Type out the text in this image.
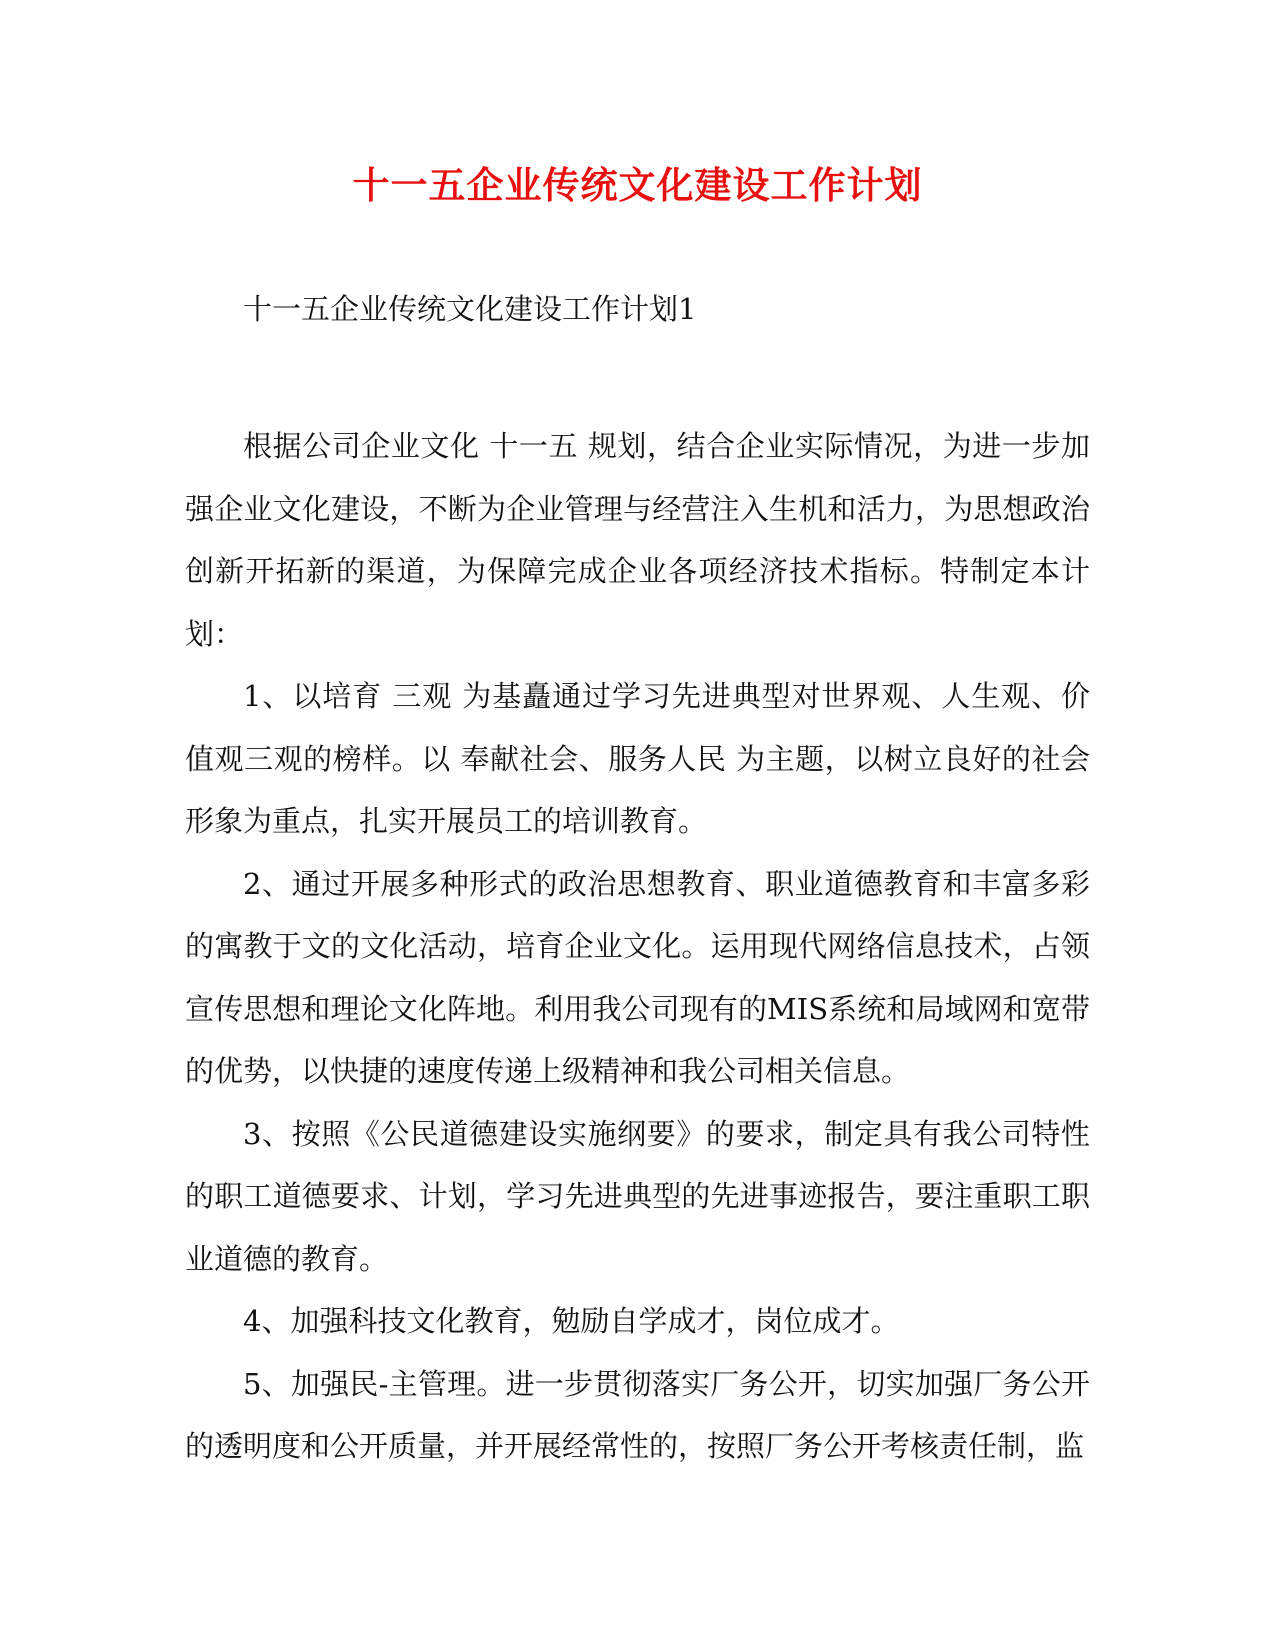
十一五企业传统文化建设工作计划

十一五企业传统文化建设工作计划1

根据公司企业文化 十一五 规划，结合企业实际情况，为进一步加强企业文化建设，不断为企业管理与经营注入生机和活力，为思想政治创新开拓新的渠道，为保障完成企业各项经济技术指标。特制定本计划：

1、以培育 三观 为基矗通过学习先进典型对世界观、人生观、价值观三观的榜样。以 奉献社会、服务人民 为主题，以树立良好的社会形象为重点，扎实开展员工的培训教育。

2、通过开展多种形式的政治思想教育、职业道德教育和丰富多彩的寓教于文的文化活动，培育企业文化。运用现代网络信息技术，占领宣传思想和理论文化阵地。利用我公司现有的MIS系统和局域网和宽带的优势，以快捷的速度传递上级精神和我公司相关信息。

3、按照《公民道德建设实施纲要》的要求，制定具有我公司特性的职工道德要求、计划，学习先进典型的先进事迹报告，要注重职工职业道德的教育。

4、加强科技文化教育，勉励自学成才，岗位成才。

5、加强民-主管理。进一步贯彻落实厂务公开，切实加强厂务公开的透明度和公开质量，并开展经常性的，按照厂务公开考核责任制，监
